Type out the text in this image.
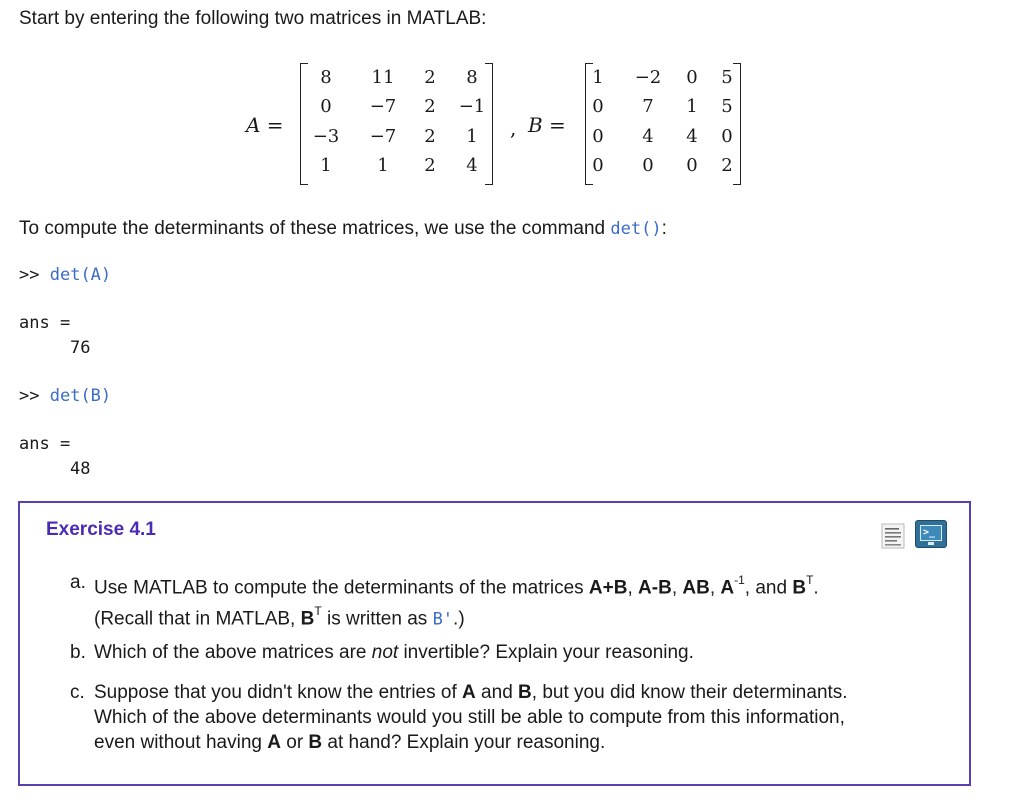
Start by entering the following two matrices in MATLAB:
A =
8 11 2 8
0 −7 2 −1
−3 −7 2 1
1	1 2 4
, B =
1 −2 0 5
0 7 1 5
0 4 4 0
0 0 0 2
To compute the determinants of these matrices, we use the command det():
>> det(A)
ans =
76
>> det(B)
ans =
48
Exercise 4.1	>_
a. Use MATLAB to compute the determinants of the matrices A+B, A-B, AB, $A^{-1}$, and $B^T$.
(Recall that in MATLAB, $B^T$ is written as B'.)
b. Which of the above matrices are not invertible? Explain your reasoning.
c. Suppose that you didn't know the entries of A and B, but you did know their determinants.
Which of the above determinants would you still be able to compute from this information,
even without having A or B at hand? Explain your reasoning.
